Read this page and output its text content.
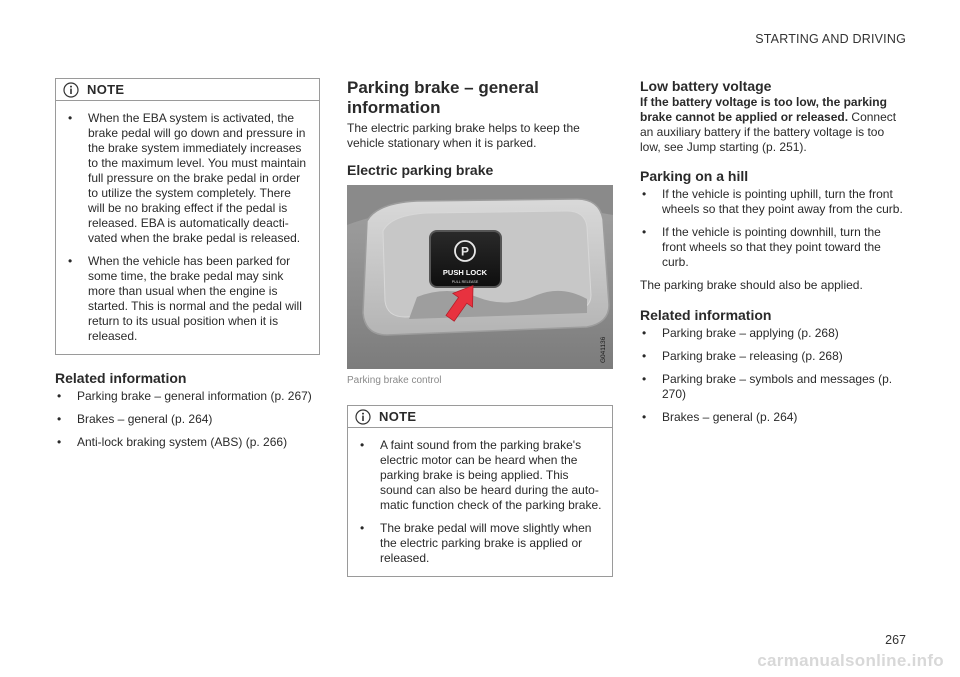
STARTING AND DRIVING
NOTE
• When the EBA system is activated, the brake pedal will go down and pressure in the brake system immediately increases to the maximum level. You must maintain full pressure on the brake pedal in order to utilize the system completely. There will be no braking effect if the pedal is released. EBA is automatically deacti- vated when the brake pedal is released.
• When the vehicle has been parked for some time, the brake pedal may sink more than usual when the engine is started. This is normal and the pedal will return to its usual position when it is released.
Related information
• Parking brake – general information (p. 267)
• Brakes – general (p. 264)
• Anti-lock braking system (ABS) (p. 266)
Parking brake – general information

The electric parking brake helps to keep the vehicle stationary when it is parked.

Electric parking brake
P
PUSH LOCK
PULL RELEASE
G041136
Parking brake control
NOTE
• A faint sound from the parking brake's electric motor can be heard when the parking brake is being applied. This sound can also be heard during the auto- matic function check of the parking brake.
• The brake pedal will move slightly when the electric parking brake is applied or released.
Low battery voltage

If the battery voltage is too low, the parking brake cannot be applied or released. Connect an auxiliary battery if the battery voltage is too low, see Jump starting (p. 251).

Parking on a hill
• If the vehicle is pointing uphill, turn the front wheels so that they point away from the curb.
• If the vehicle is pointing downhill, turn the front wheels so that they point toward the curb.

The parking brake should also be applied.

Related information
• Parking brake – applying (p. 268)
• Parking brake – releasing (p. 268)
• Parking brake – symbols and messages (p. 270)
• Brakes – general (p. 264)
267
carmanualsonline.info
